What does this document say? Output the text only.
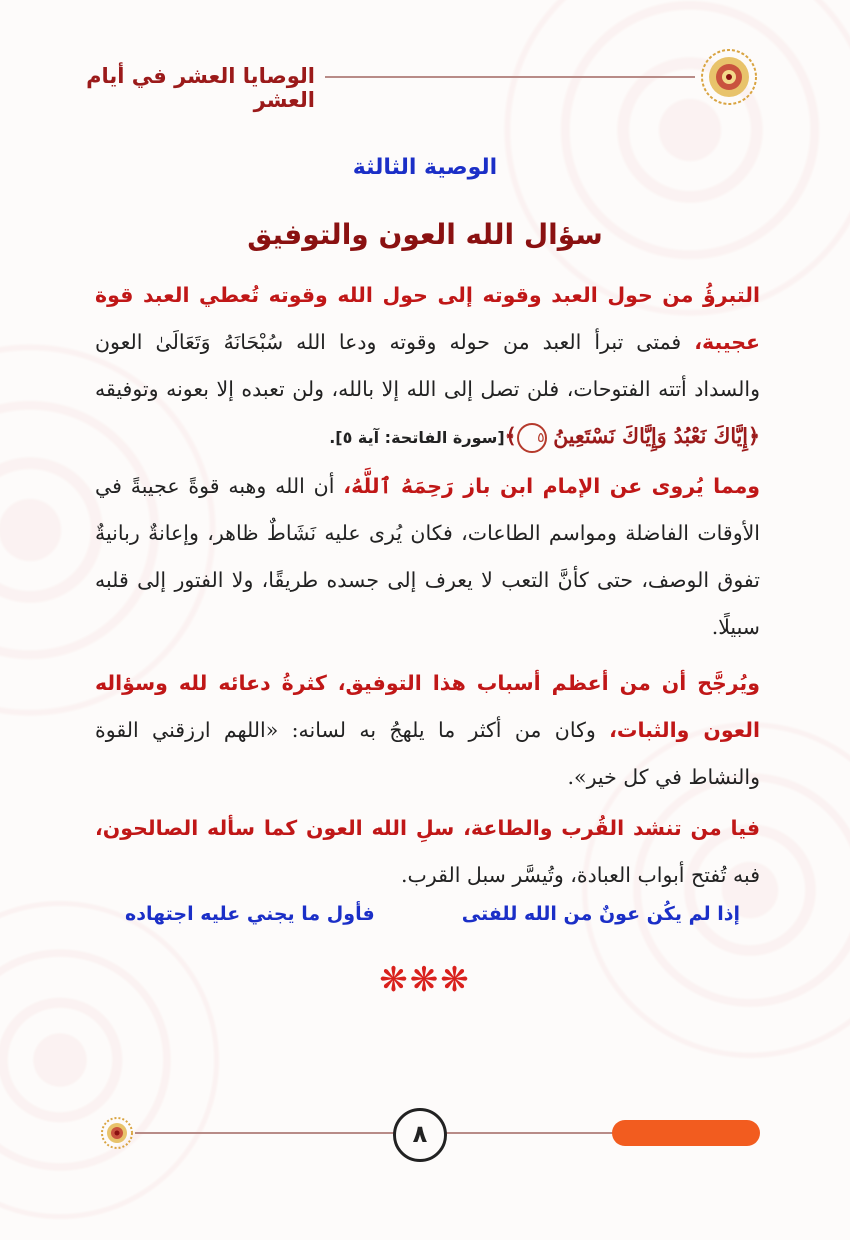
الوصايا العشر في أيام العشر
الوصية الثالثة
سؤال الله العون والتوفيق
التبرؤُ من حول العبد وقوته إلى حول الله وقوته تُعطي العبد قوة عجيبة، فمتى تبرأ العبد من حوله وقوته ودعا الله سُبْحَانَهُ وَتَعَالَىٰ العون والسداد أتته الفتوحات، فلن تصل إلى الله إلا بالله، ولن تعبده إلا بعونه وتوفيقه ﴿إِيَّاكَ نَعْبُدُ وَإِيَّاكَ نَسْتَعِينُ ٥﴾[سورة الفاتحة: آية ٥].
ومما يُروى عن الإمام ابن باز رَحِمَهُ ٱللَّهُ، أن الله وهبه قوةً عجيبةً في الأوقات الفاضلة ومواسم الطاعات، فكان يُرى عليه نَشَاطٌ ظاهر، وإعانةٌ ربانيةٌ تفوق الوصف، حتى كأنَّ التعب لا يعرف إلى جسده طريقًا، ولا الفتور إلى قلبه سبيلًا.
ويُرجَّح أن من أعظم أسباب هذا التوفيق، كثرةُ دعائه لله وسؤاله العون والثبات، وكان من أكثر ما يلهجُ به لسانه: «اللهم ارزقني القوة والنشاط في كل خير».
فيا من تنشد القُرب والطاعة، سلِ الله العون كما سأله الصالحون، فبه تُفتح أبواب العبادة، وتُيسَّر سبل القرب.
إذا لم يكُن عونٌ من الله للفتى
فأول ما يجني عليه اجتهاده
❋❋❋
٨
